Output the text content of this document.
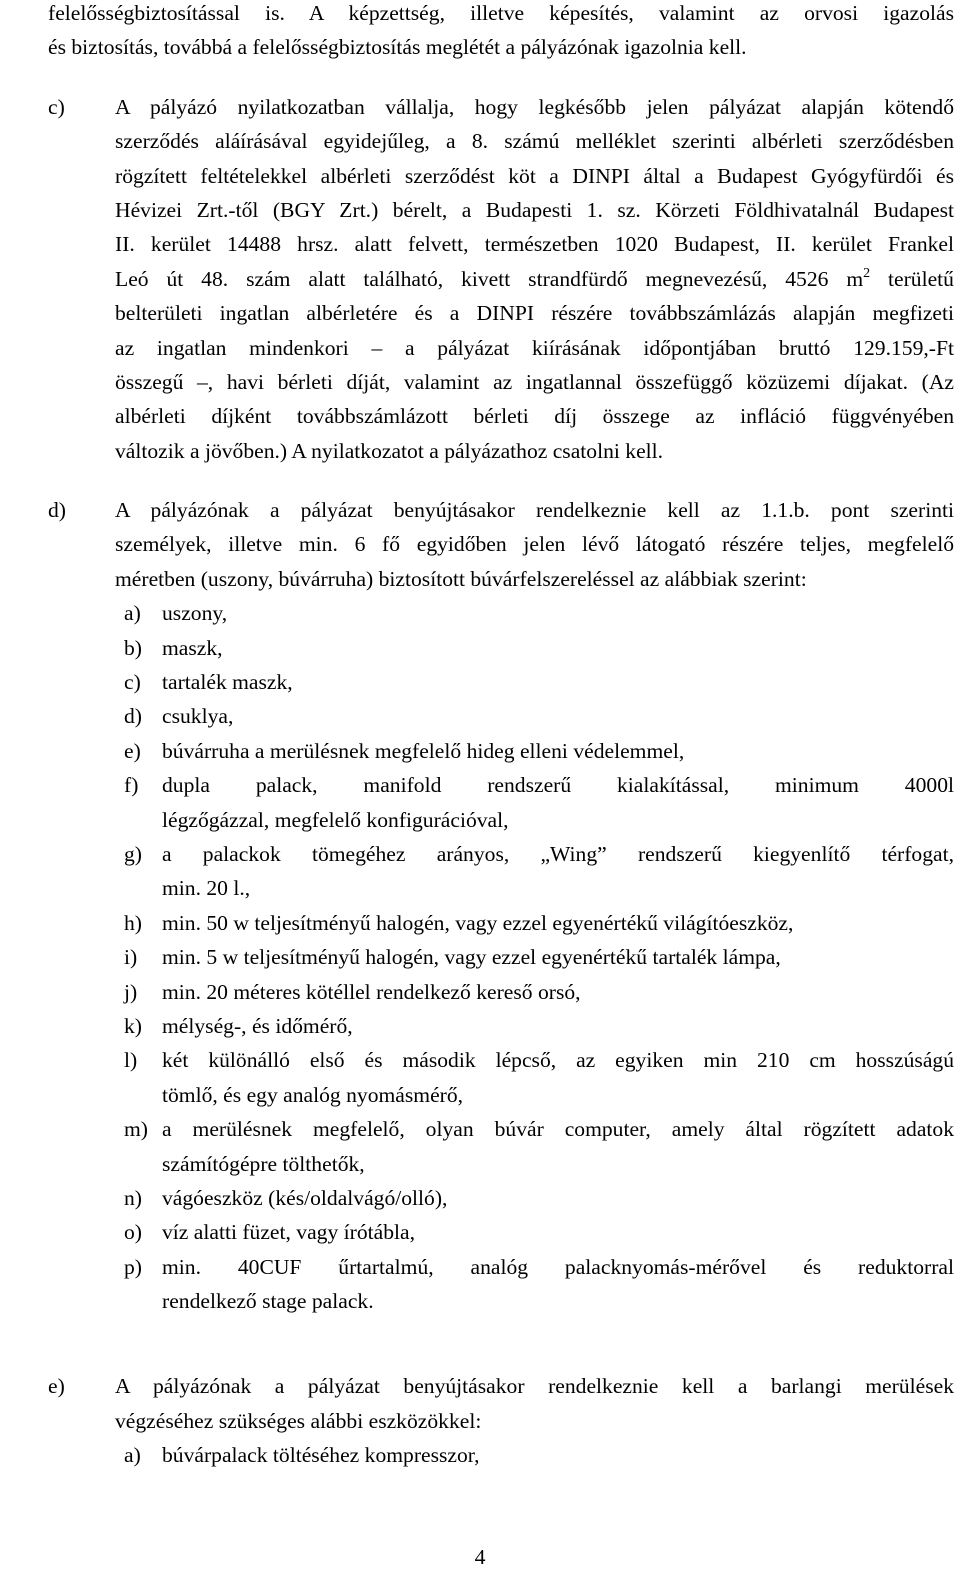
felelősségbiztosítással is. A képzettség, illetve képesítés, valamint az orvosi igazolás
és biztosítás, továbbá a felelősségbiztosítás meglétét a pályázónak igazolnia kell.
c) A pályázó nyilatkozatban vállalja, hogy legkésőbb jelen pályázat alapján kötendő
szerződés aláírásával egyidejűleg, a 8. számú melléklet szerinti albérleti szerződésben
rögzített feltételekkel albérleti szerződést köt a DINPI által a Budapest Gyógyfürdői és
Hévizei Zrt.-től (BGY Zrt.) bérelt, a Budapesti 1. sz. Körzeti Földhivatalnál Budapest
II. kerület 14488 hrsz. alatt felvett, természetben 1020 Budapest, II. kerület Frankel
Leó út 48. szám alatt található, kivett strandfürdő megnevezésű, 4526 $m^2$ területű
belterületi ingatlan albérletére és a DINPI részére továbbszámlázás alapján megfizeti
az ingatlan mindenkori – a pályázat kiírásának időpontjában bruttó 129.159,-Ft
összegű –, havi bérleti díját, valamint az ingatlannal összefüggő közüzemi díjakat. (Az
albérleti díjként továbbszámlázott bérleti díj összege az infláció függvényében
változik a jövőben.) A nyilatkozatot a pályázathoz csatolni kell.
d) A pályázónak a pályázat benyújtásakor rendelkeznie kell az 1.1.b. pont szerinti
személyek, illetve min. 6 fő egyidőben jelen lévő látogató részére teljes, megfelelő
méretben (uszony, búvárruha) biztosított búvárfelszereléssel az alábbiak szerint:
a) uszony,
b) maszk,
c) tartalék maszk,
d) csuklya,
e) búvárruha a merülésnek megfelelő hideg elleni védelemmel,
f) dupla palack, manifold rendszerű kialakítással, minimum 4000l
légzőgázzal, megfelelő konfigurációval,
g) a palackok tömegéhez arányos, „Wing” rendszerű kiegyenlítő térfogat,
min. 20 l.,
h) min. 50 w teljesítményű halogén, vagy ezzel egyenértékű világítóeszköz,
i) min. 5 w teljesítményű halogén, vagy ezzel egyenértékű tartalék lámpa,
j) min. 20 méteres kötéllel rendelkező kereső orsó,
k) mélység-, és időmérő,
l) két különálló első és második lépcső, az egyiken min 210 cm hosszúságú
tömlő, és egy analóg nyomásmérő,
m) a merülésnek megfelelő, olyan búvár computer, amely által rögzített adatok
számítógépre tölthetők,
n) vágóeszköz (kés/oldalvágó/olló),
o) víz alatti füzet, vagy írótábla,
p) min. 40CUF űrtartalmú, analóg palacknyomás-mérővel és reduktorral
rendelkező stage palack.
e) A pályázónak a pályázat benyújtásakor rendelkeznie kell a barlangi merülések
végzéséhez szükséges alábbi eszközökkel:
a) búvárpalack töltéséhez kompresszor,
4
